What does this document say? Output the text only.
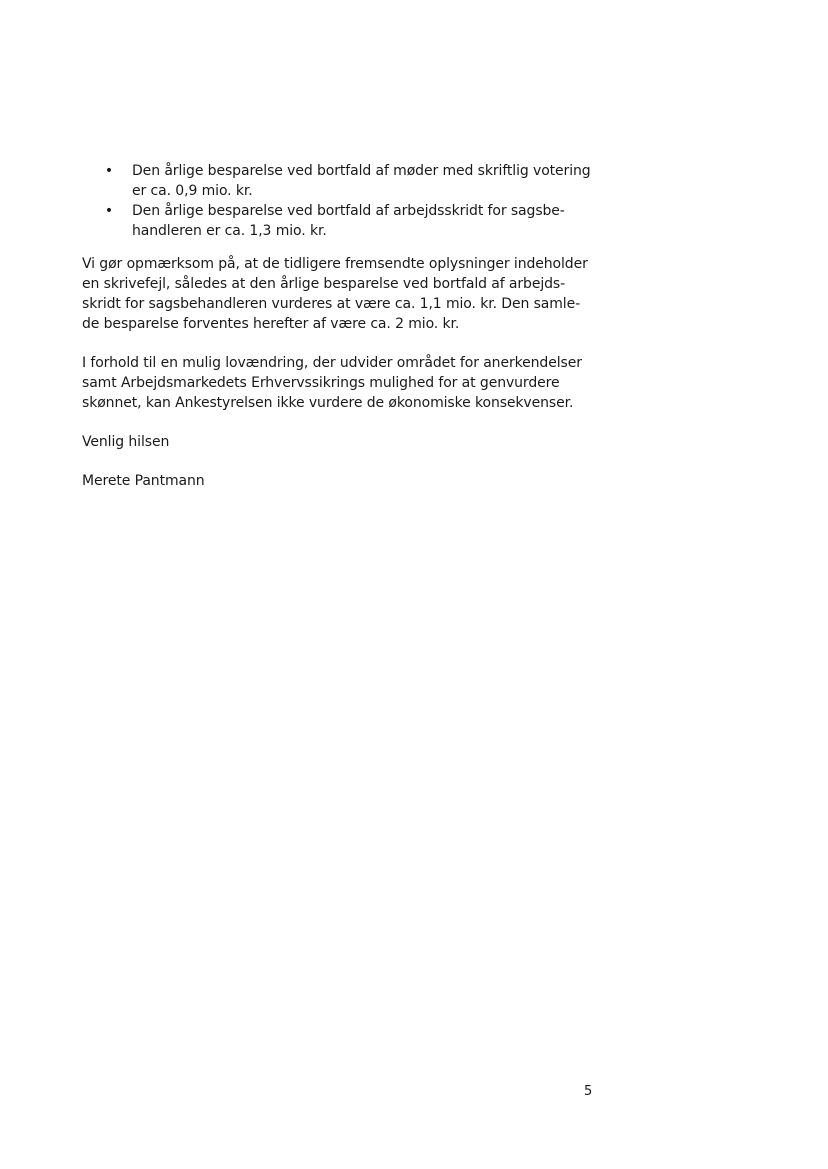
• Den årlige besparelse ved bortfald af møder med skriftlig votering
er ca. 0,9 mio. kr.
• Den årlige besparelse ved bortfald af arbejdsskridt for sagsbe-
handleren er ca. 1,3 mio. kr.

Vi gør opmærksom på, at de tidligere fremsendte oplysninger indeholder
en skrivefejl, således at den årlige besparelse ved bortfald af arbejds-
skridt for sagsbehandleren vurderes at være ca. 1,1 mio. kr. Den samle-
de besparelse forventes herefter af være ca. 2 mio. kr.

I forhold til en mulig lovændring, der udvider området for anerkendelser
samt Arbejdsmarkedets Erhvervssikrings mulighed for at genvurdere
skønnet, kan Ankestyrelsen ikke vurdere de økonomiske konsekvenser.

Venlig hilsen

Merete Pantmann

5
